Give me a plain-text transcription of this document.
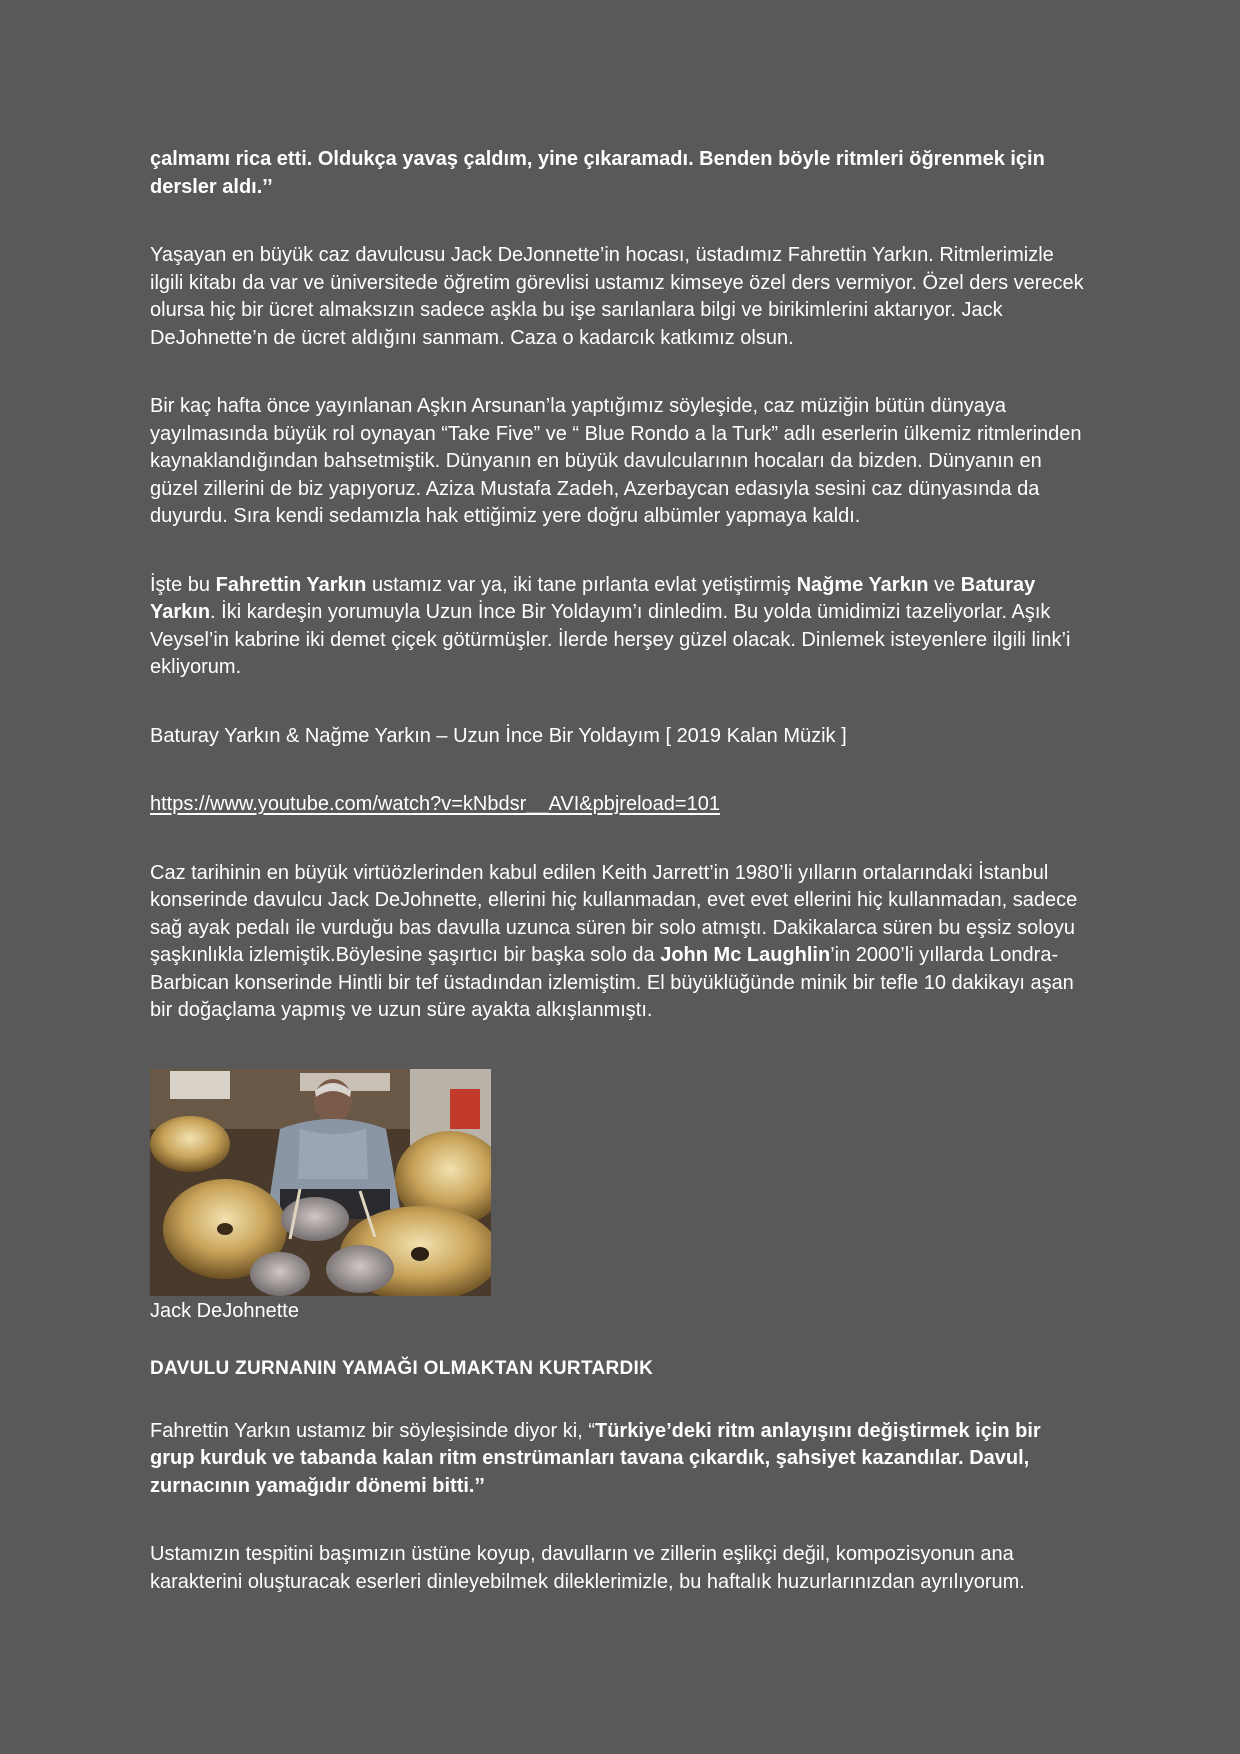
çalmamı rica etti. Oldukça yavaş çaldım, yine çıkaramadı. Benden böyle ritmleri öğrenmek için dersler aldı.’’

Yaşayan en büyük caz davulcusu Jack DeJonnette’in hocası, üstadımız Fahrettin Yarkın. Ritmlerimizle ilgili kitabı da var ve üniversitede öğretim görevlisi ustamız kimseye özel ders vermiyor. Özel ders verecek olursa hiç bir ücret almaksızın sadece aşkla bu işe sarılanlara bilgi ve birikimlerini aktarıyor. Jack DeJohnette’n de ücret aldığını sanmam. Caza o kadarcık katkımız olsun.

Bir kaç hafta önce yayınlanan Aşkın Arsunan’la yaptığımız söyleşide, caz müziğin bütün dünyaya yayılmasında büyük rol oynayan “Take Five” ve “ Blue Rondo a la Turk” adlı eserlerin ülkemiz ritmlerinden kaynaklandığından bahsetmiştik. Dünyanın en büyük davulcularının hocaları da bizden. Dünyanın en güzel zillerini de biz yapıyoruz. Aziza Mustafa Zadeh, Azerbaycan edasıyla sesini caz dünyasında da duyurdu. Sıra kendi sedamızla hak ettiğimiz yere doğru albümler yapmaya kaldı.

İşte bu Fahrettin Yarkın ustamız var ya, iki tane pırlanta evlat yetiştirmiş Nağme Yarkın ve Baturay Yarkın. İki kardeşin yorumuyla Uzun İnce Bir Yoldayım’ı dinledim. Bu yolda ümidimizi tazeliyorlar. Aşık Veysel’in kabrine iki demet çiçek götürmüşler. İlerde herşey güzel olacak. Dinlemek isteyenlere ilgili link’i ekliyorum.

Baturay Yarkın & Nağme Yarkın – Uzun İnce Bir Yoldayım [ 2019 Kalan Müzik ]

https://www.youtube.com/watch?v=kNbdsr__AVI&pbjreload=101

Caz tarihinin en büyük virtüözlerinden kabul edilen Keith Jarrett’in 1980’li yılların ortalarındaki İstanbul konserinde davulcu Jack DeJohnette, ellerini hiç kullanmadan, evet evet ellerini hiç kullanmadan, sadece sağ ayak pedalı ile vurduğu bas davulla uzunca süren bir solo atmıştı. Dakikalarca süren bu eşsiz soloyu şaşkınlıkla izlemiştik.Böylesine şaşırtıcı bir başka solo da John Mc Laughlin’in 2000’li yıllarda Londra-Barbican konserinde Hintli bir tef üstadından izlemiştim. El büyüklüğünde minik bir tefle 10 dakikayı aşan bir doğaçlama yapmış ve uzun süre ayakta alkışlanmıştı.

Jack DeJohnette

DAVULU ZURNANIN YAMAĞI OLMAKTAN KURTARDIK

Fahrettin Yarkın ustamız bir söyleşisinde diyor ki, “Türkiye’deki ritm anlayışını değiştirmek için bir grup kurduk ve tabanda kalan ritm enstrümanları tavana çıkardık, şahsiyet kazandılar. Davul, zurnacının yamağıdır dönemi bitti.’’

Ustamızın tespitini başımızın üstüne koyup, davulların ve zillerin eşlikçi değil, kompozisyonun ana karakterini oluşturacak eserleri dinleyebilmek dileklerimizle, bu haftalık huzurlarınızdan ayrılıyorum.
